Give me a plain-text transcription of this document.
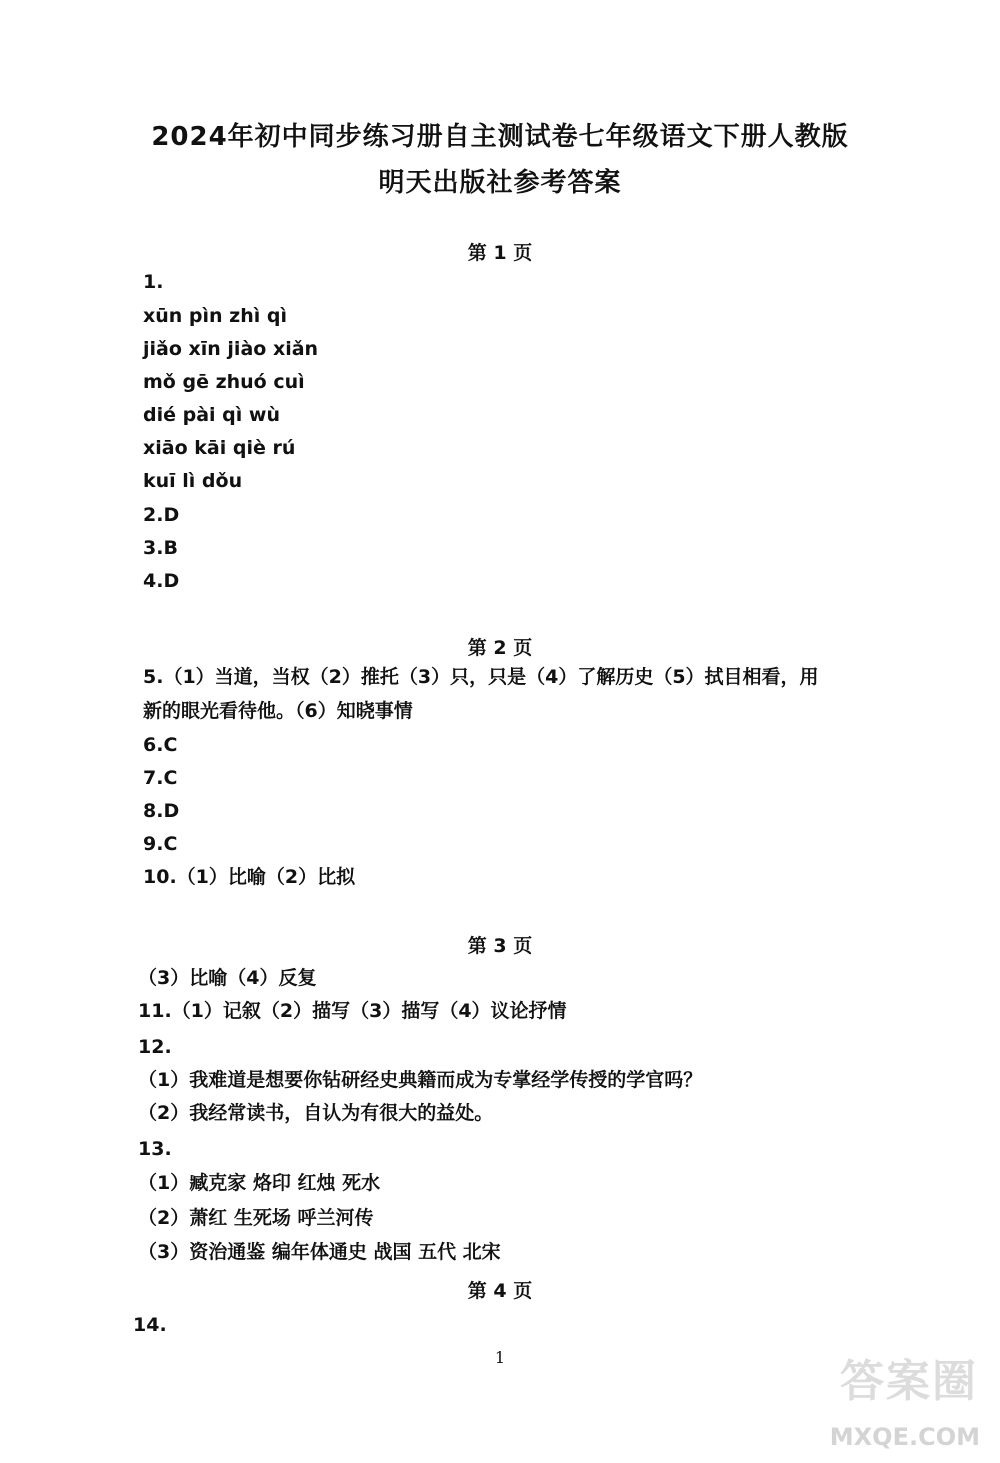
2024年初中同步练习册自主测试卷七年级语文下册人教版
明天出版社参考答案
第 1 页
1.
xūn pìn zhì qì
jiǎo xīn jiào xiǎn
mǒ gē zhuó cuì
dié pài qì wù
xiāo kāi qiè rú
kuī lì dǒu
2.D
3.B
4.D
第 2 页
5.（1）当道，当权（2）推托（3）只，只是（4）了解历史（5）拭目相看，用
新的眼光看待他。（6）知晓事情
6.C
7.C
8.D
9.C
10.（1）比喻（2）比拟
第 3 页
（3）比喻（4）反复
11.（1）记叙（2）描写（3）描写（4）议论抒情
12.
（1）我难道是想要你钻研经史典籍而成为专掌经学传授的学官吗？
（2）我经常读书，自认为有很大的益处。
13.
（1）臧克家 烙印 红烛 死水
（2）萧红 生死场 呼兰河传
（3）资治通鉴 编年体通史 战国 五代 北宋
第 4 页
14.
1	答案圈
MXQE.COM
